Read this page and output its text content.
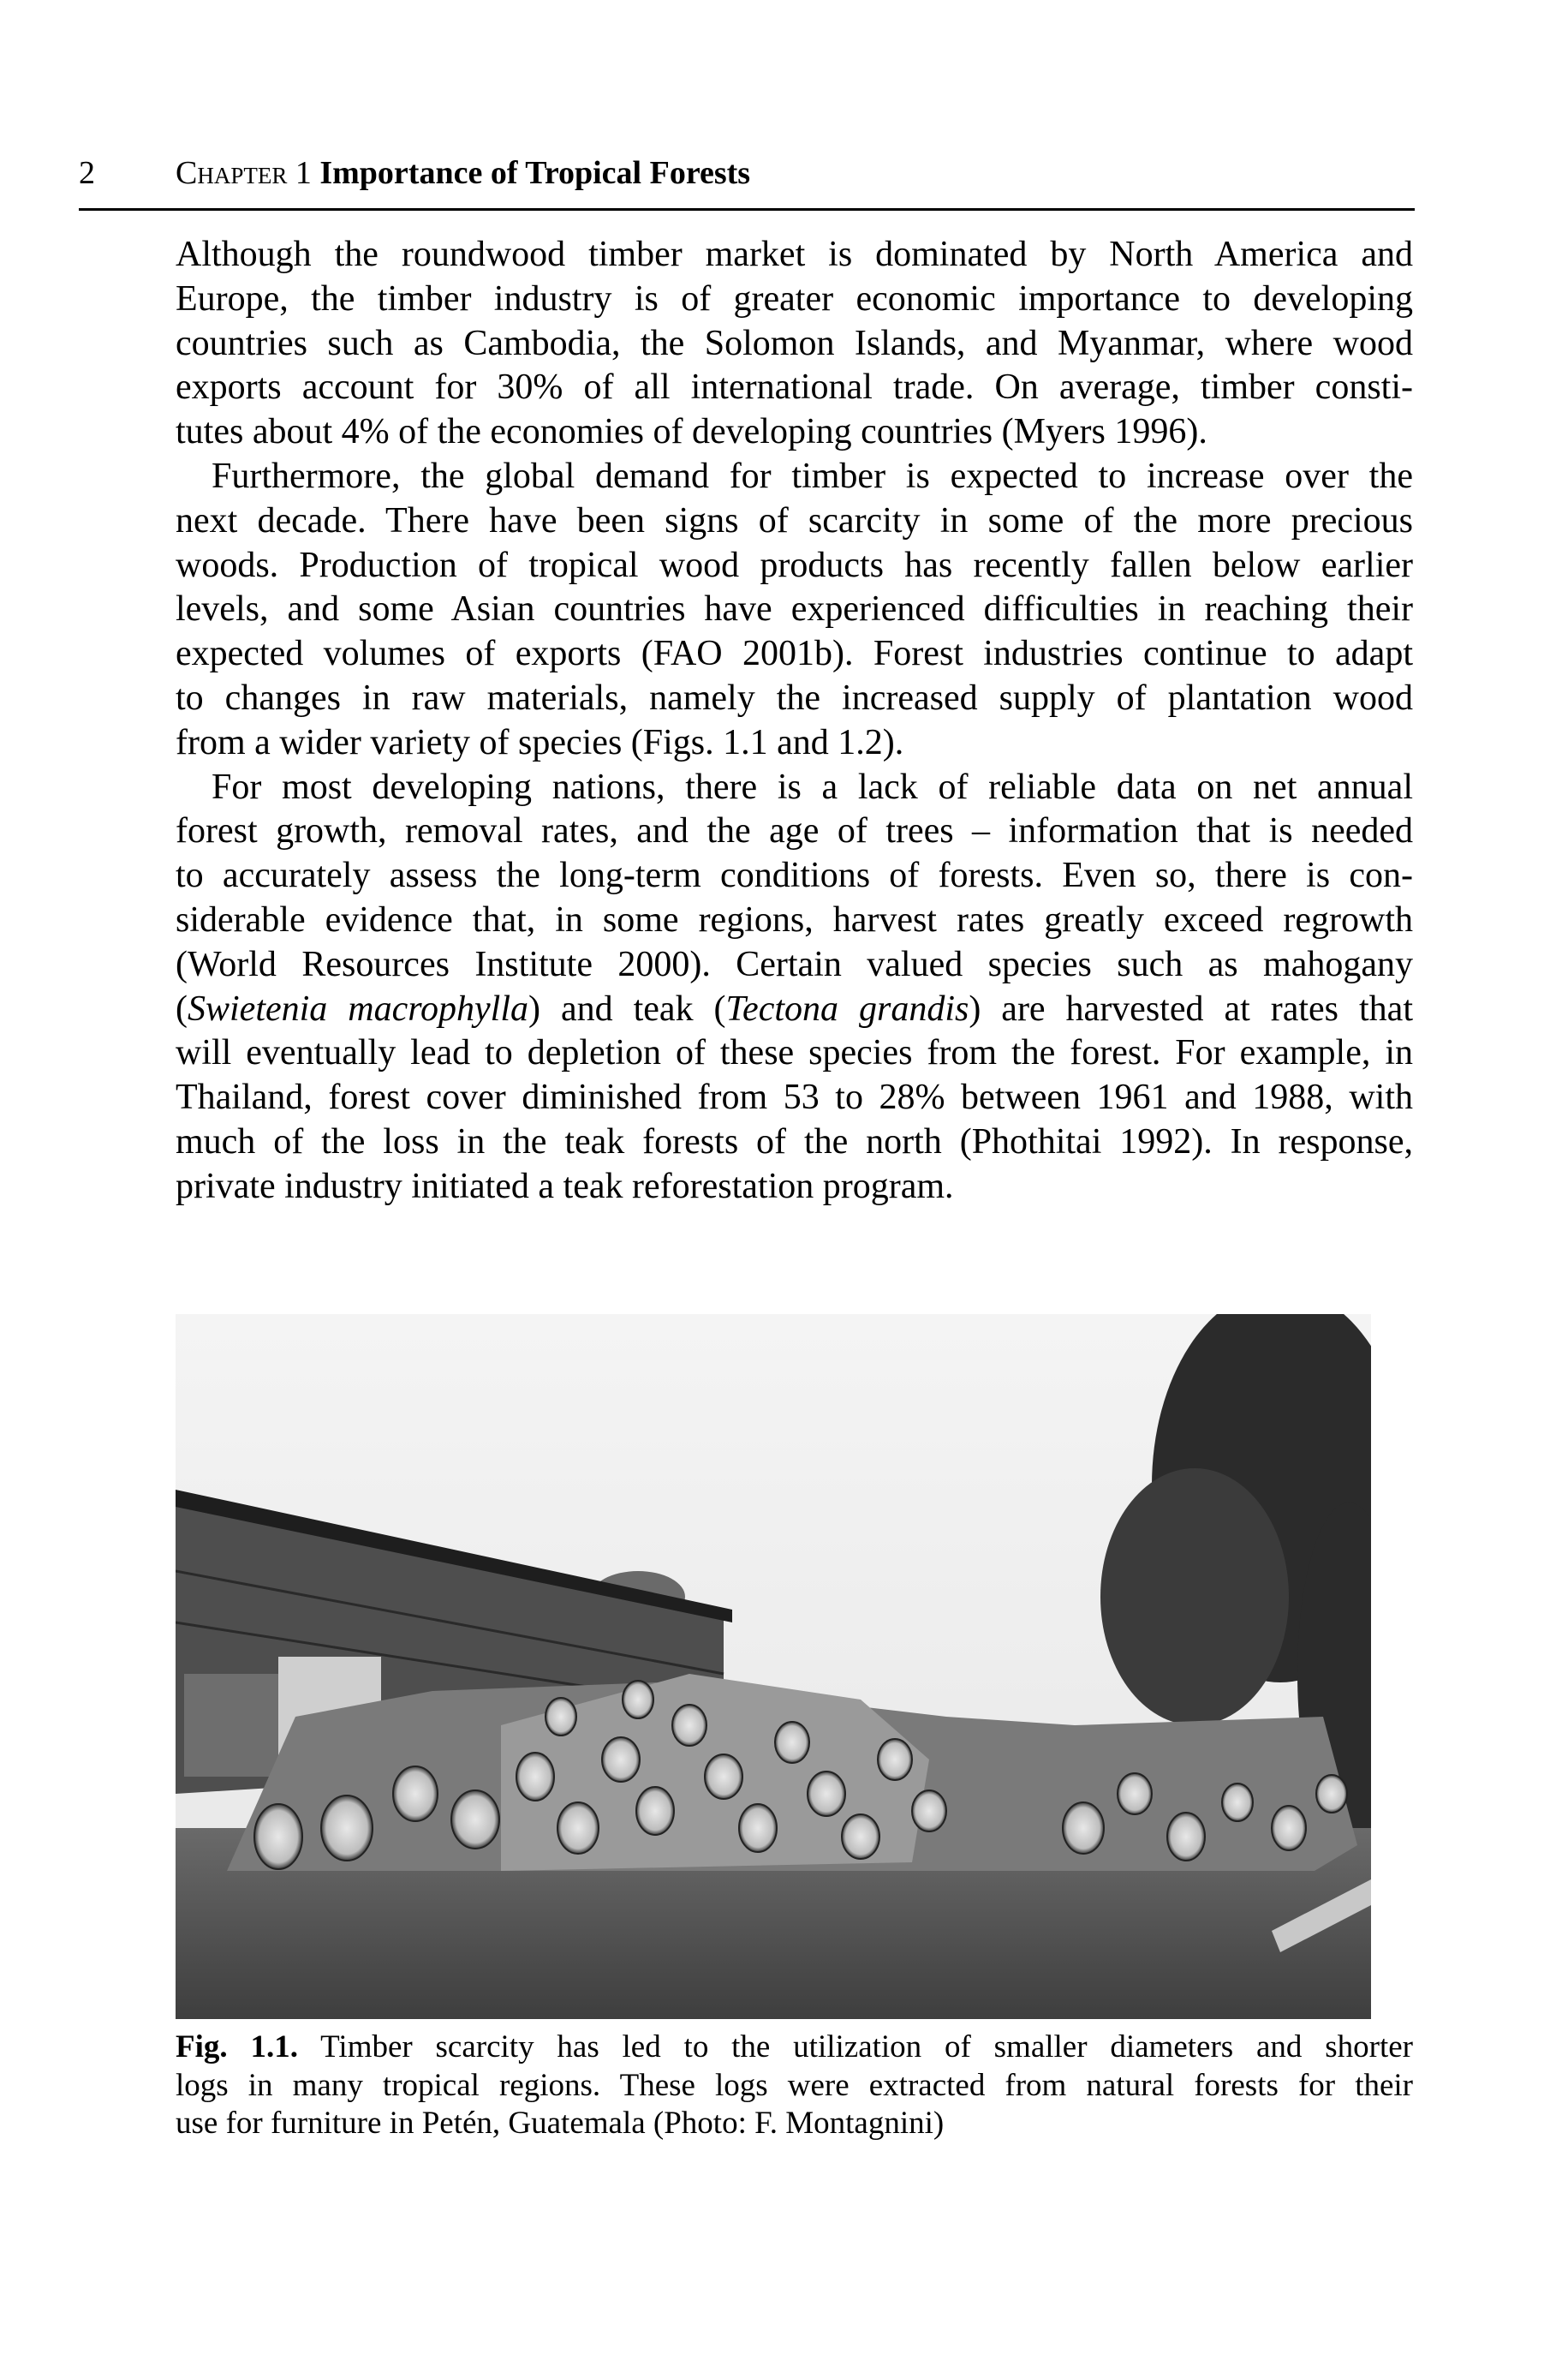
2 Chapter 1 Importance of Tropical Forests
Although the roundwood timber market is dominated by North America and
Europe, the timber industry is of greater economic importance to developing
countries such as Cambodia, the Solomon Islands, and Myanmar, where wood
exports account for 30% of all international trade. On average, timber consti-
tutes about 4% of the economies of developing countries (Myers 1996).
Furthermore, the global demand for timber is expected to increase over the
next decade. There have been signs of scarcity in some of the more precious
woods. Production of tropical wood products has recently fallen below earlier
levels, and some Asian countries have experienced difficulties in reaching their
expected volumes of exports (FAO 2001b). Forest industries continue to adapt
to changes in raw materials, namely the increased supply of plantation wood
from a wider variety of species (Figs. 1.1 and 1.2).
For most developing nations, there is a lack of reliable data on net annual
forest growth, removal rates, and the age of trees – information that is needed
to accurately assess the long-term conditions of forests. Even so, there is con-
siderable evidence that, in some regions, harvest rates greatly exceed regrowth
(World Resources Institute 2000). Certain valued species such as mahogany
(Swietenia macrophylla) and teak (Tectona grandis) are harvested at rates that
will eventually lead to depletion of these species from the forest. For example, in
Thailand, forest cover diminished from 53 to 28% between 1961 and 1988, with
much of the loss in the teak forests of the north (Phothitai 1992). In response,
private industry initiated a teak reforestation program.
Fig. 1.1. Timber scarcity has led to the utilization of smaller diameters and shorter
logs in many tropical regions. These logs were extracted from natural forests for their
use for furniture in Petén, Guatemala (Photo: F. Montagnini)
